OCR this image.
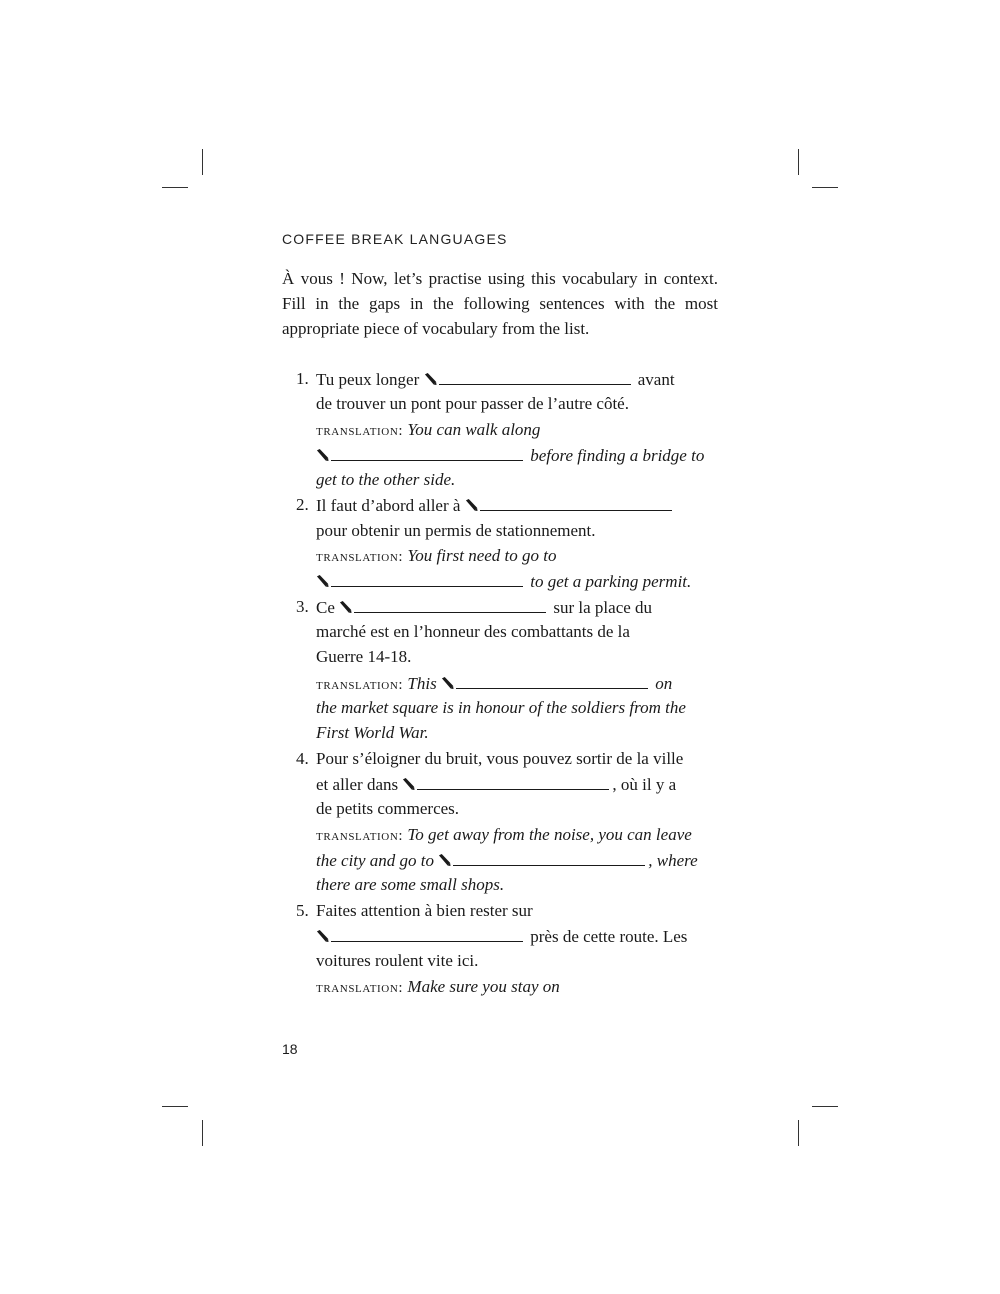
COFFEE BREAK LANGUAGES
À vous ! Now, let’s practise using this vocabulary in context. Fill in the gaps in the following sentences with the most appropriate piece of vocabulary from the list.
1. Tu peux longer	avant
de trouver un pont pour passer de l’autre côté.
translation: You can walk along
before finding a bridge to
get to the other side.
2. Il faut d’abord aller à
pour obtenir un permis de stationnement.
translation: You first need to go to
to get a parking permit.
3. Ce	sur la place du
marché est en l’honneur des combattants de la
Guerre 14-18.
translation: This	on
the market square is in honour of the soldiers from the
First World War.
4. Pour s’éloigner du bruit, vous pouvez sortir de la ville
et aller dans	, où il y a
de petits commerces.
translation: To get away from the noise, you can leave
the city and go to	, where
there are some small shops.
5. Faites attention à bien rester sur
près de cette route. Les
voitures roulent vite ici.
translation: Make sure you stay on
18
